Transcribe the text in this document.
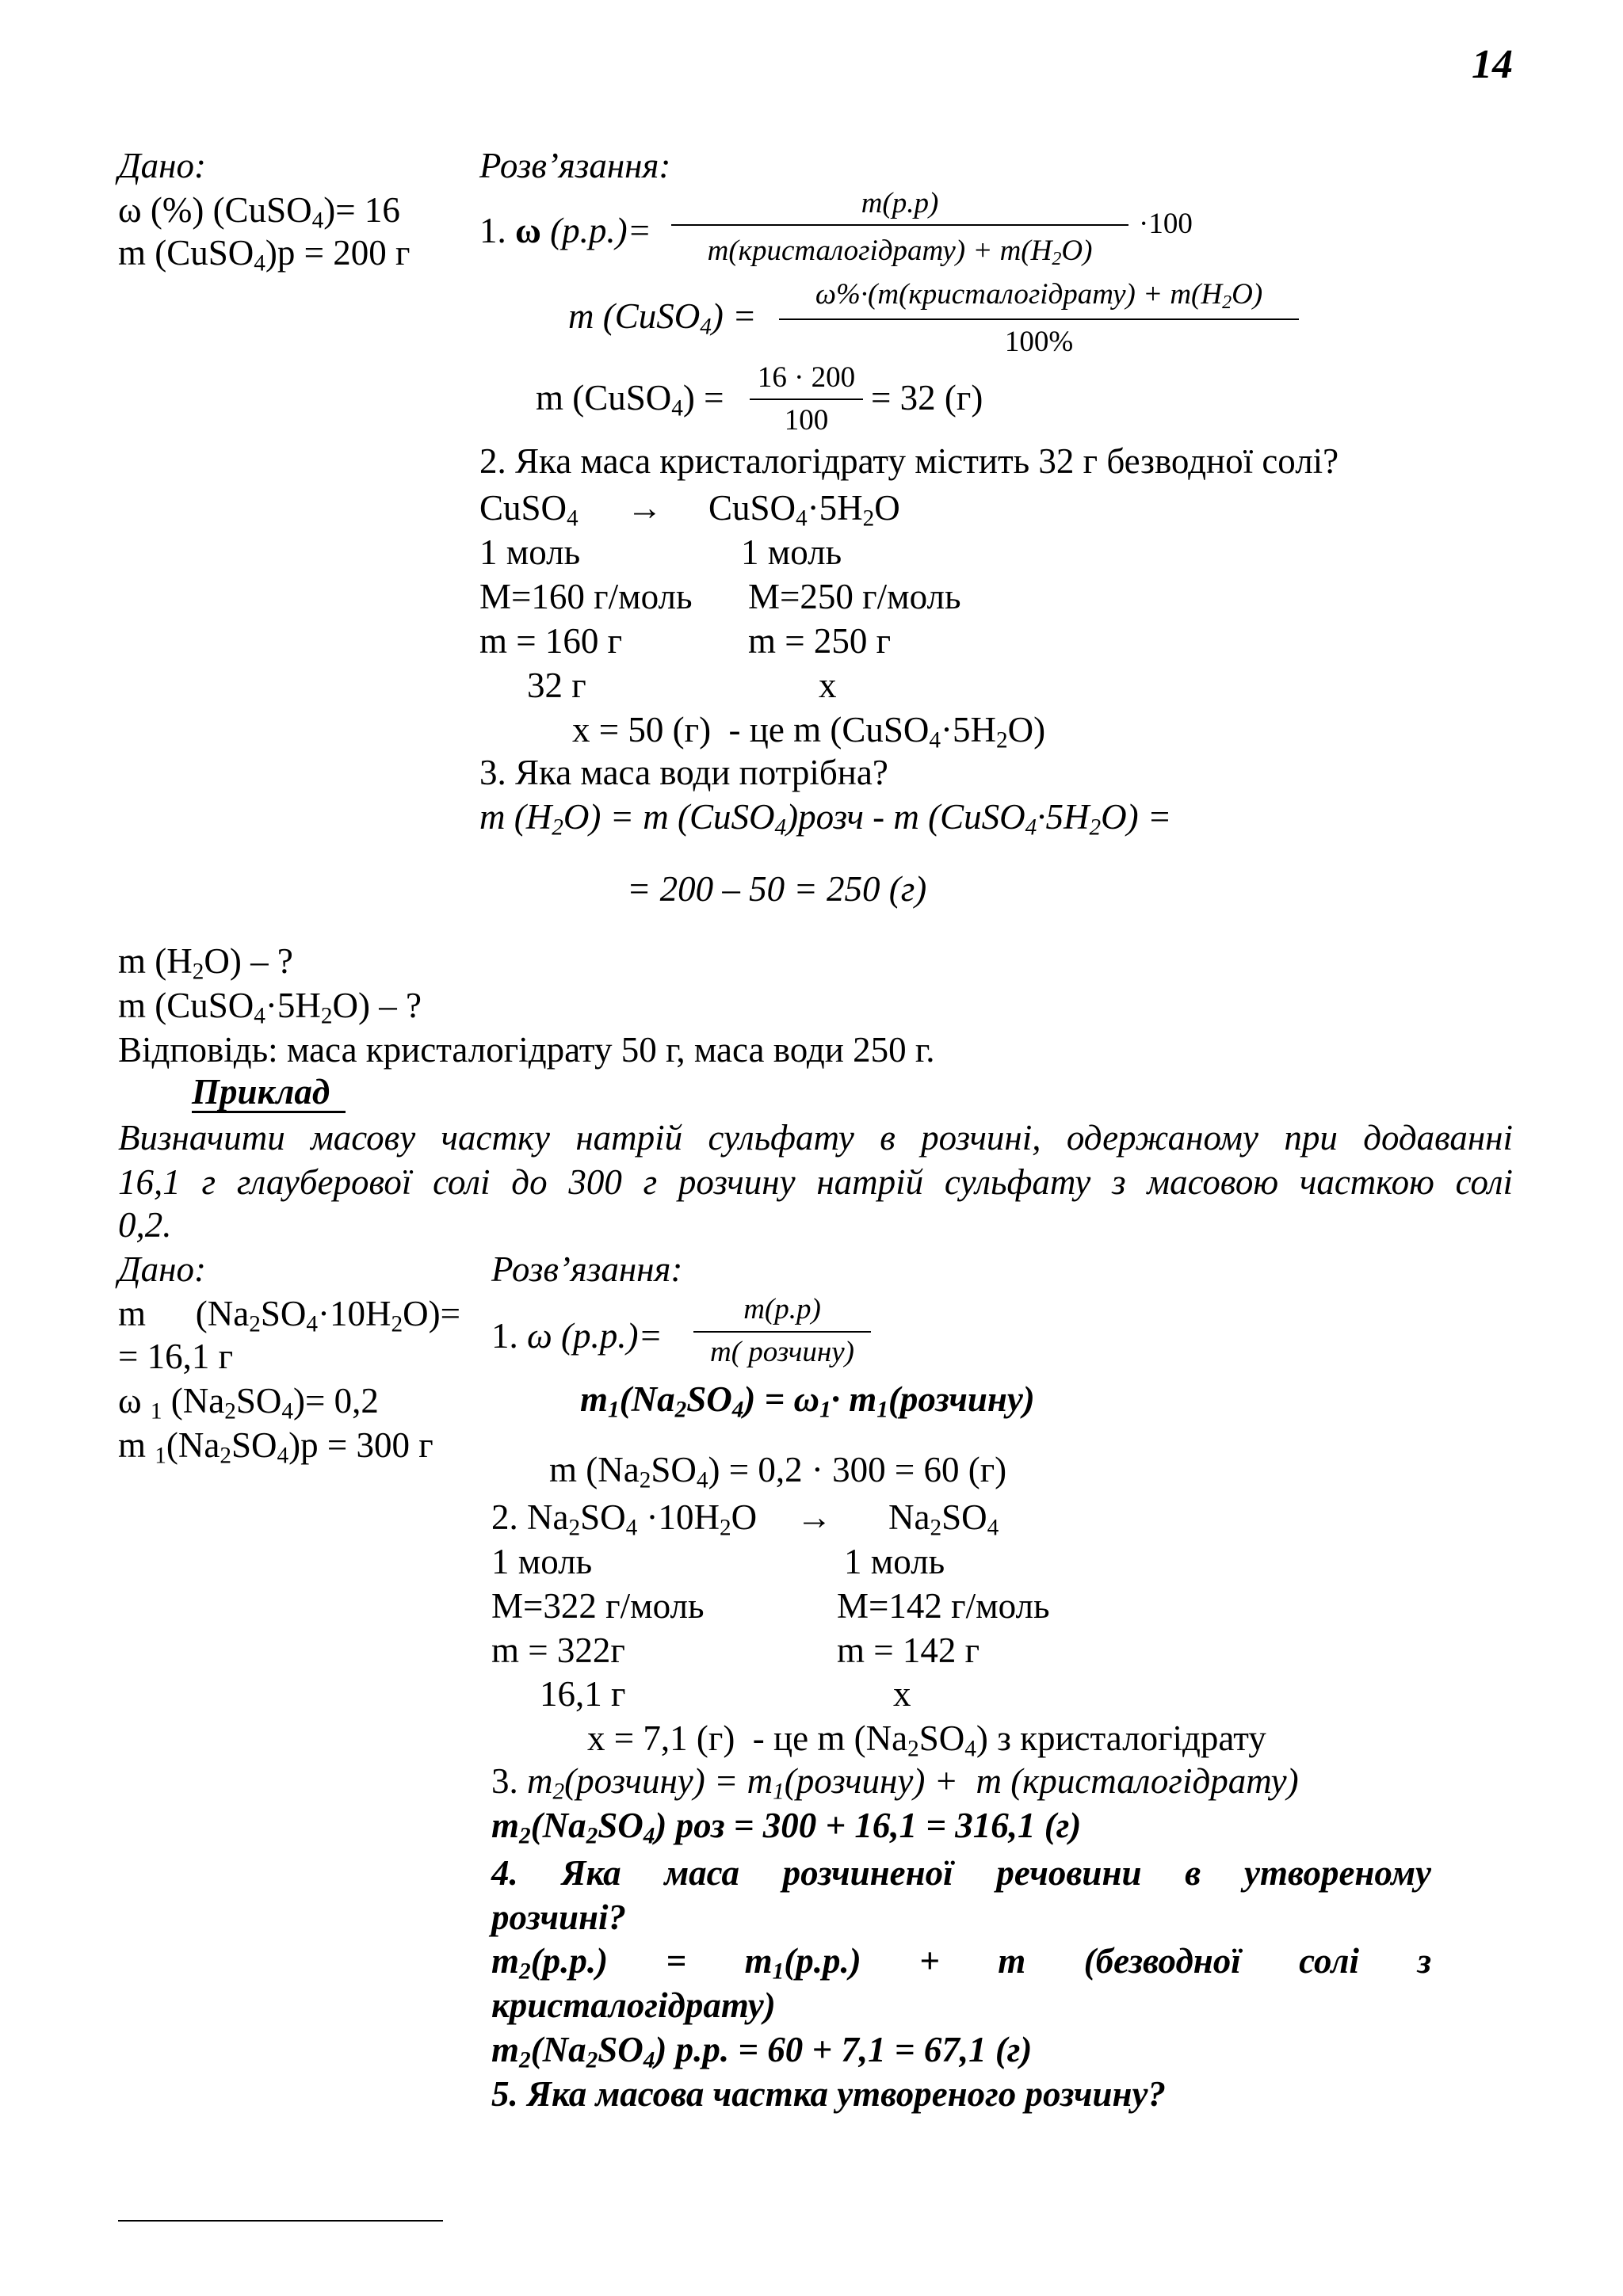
14
Дано:
ω (%) (CuSO$_4$)= 16
m (CuSO$_4$)р = 200 г
Розв’язання:
1. ω (р.р.)=
m(р.р)
m(кристалогідрату) + $m(H_2O)$
·100
m (CuSO$_4$) =
ω%·(m(кристалогідрату) + $m(H_2O)$
100%
m (CuSO$_4$) =
16 · 200
100
= 32 (г)
2. Яка маса кристалогідрату містить 32 г безводної солі?
CuSO$_4$ → $CuSO_4\cdot 5H_2O$
1 моль	1 моль
M=160 г/моль M=250 г/моль
m = 160 г	m = 250 г
32 г	x
x = 50 (г)  - це m $(CuSO_4\cdot 5H_2O)$
3. Яка маса води потрібна?
m $(H_2O) = m$ (CuSO$_4$)розч - m $(CuSO_4\cdot 5H_2O)$ =
= 200 – 50 = 250 (г)
m $(H_2O)$ – ?
m $(CuSO_4\cdot 5H_2O)$ – ?
Відповідь: маса кристалогідрату 50 г, маса води 250 г.
Приклад
Визначити масову частку натрій сульфату в розчині, одержаному при додаванні
16,1 г глауберової солі до 300 г розчину натрій сульфату з масовою часткою солі
0,2.
Дано:
m $(Na_2SO_4\cdot 10H_2O)=$
= 16,1 г
ω $_1$ $(Na_2SO_4)= 0,2$
m $_1(Na_2SO_4)р = 300$ г
Розв’язання:
1. ω (р.р.)=
m(р.р)
m( розчину)
$m_1(Na_2SO_4) = \omega_1\cdot$ $m_1(розчину)$
m $(Na_2SO_4) = 0,2 \cdot 300 = 60$ (г)
2. $Na_2SO_4 \cdot 10H_2O \to Na_2SO_4$
1 моль	1 моль
M=322 г/моль	M=142 г/моль
m = 322г	m = 142 г
16,1 г	x
x = 7,1 (г)  - це m $(Na_2SO_4)$ з кристалогідрату
3. $m_2(розчину)$ = $m_1(розчину) + m$ (кристалогідрату)
$m_2(Na_2SO_4)$ роз = 300 + 16,1 = 316,1 (г)
4. Яка маса розчиненої речовини в утвореному
розчині?
$m_2(р.р.) = m_1(р.р.) + m$ (безводної солі з
кристалогідрату)
$m_2(Na_2SO_4) р.р$. = 60 + 7,1 = 67,1 (г)
5. Яка масова частка утвореного розчину?
